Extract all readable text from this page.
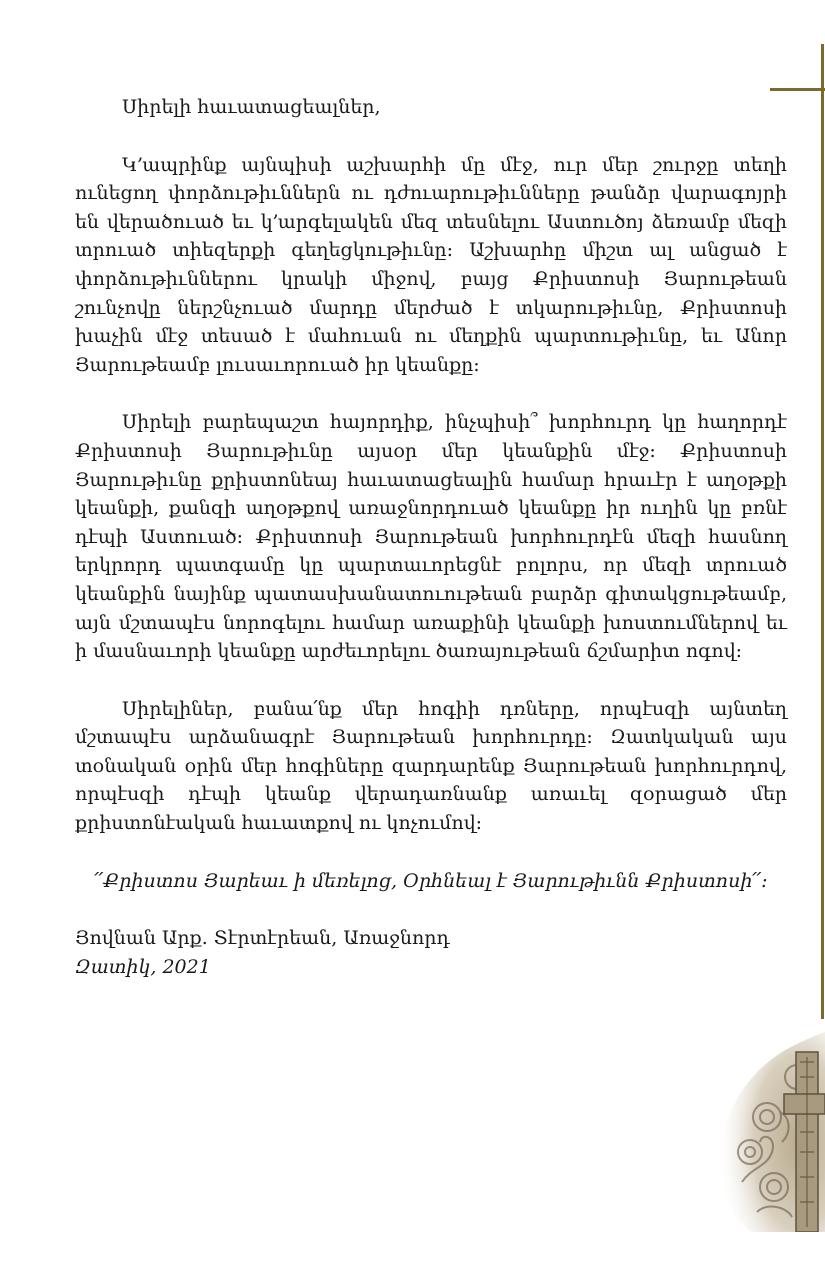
Սիրելի հաւատացեալներ,

Կ՚ապրինք այնպիսի աշխարհի մը մէջ, ուր մեր շուրջը տեղի ունեցող փորձութիւններն ու դժուարութիւնները թանձր վարագոյրի են վերածուած եւ կ՚արգելակեն մեզ տեսնելու Աստուծոյ ձեռամբ մեզի տրուած տիեզերքի գեղեցկութիւնը։ Աշխարհը միշտ ալ անցած է փորձութիւններու կրակի միջով, բայց Քրիստոսի Յարութեան շունչովը ներշնչուած մարդը մերժած է տկարութիւնը, Քրիստոսի խաչին մէջ տեսած է մահուան ու մեղքին պարտութիւնը, եւ Անոր Յարութեամբ լուսաւորուած իր կեանքը։

Սիրելի բարեպաշտ հայորդիք, ինչպիսի՞ խորհուրդ կը հաղորդէ Քրիստոսի Յարութիւնը այսօր մեր կեանքին մէջ։ Քրիստոսի Յարութիւնը քրիստոնեայ հաւատացեալին համար հրաւէր է աղօթքի կեանքի, քանզի աղօթքով առաջնորդուած կեանքը իր ուղին կը բռնէ դէպի Աստուած։ Քրիստոսի Յարութեան խորհուրդէն մեզի հասնող երկրորդ պատգամը կը պարտաւորեցնէ բոլորս, որ մեզի տրուած կեանքին նայինք պատասխանատուութեան բարձր գիտակցութեամբ, այն մշտապէս նորոգելու համար առաքինի կեանքի խոստումներով եւ ի մասնաւորի կեանքը արժեւորելու ծառայութեան ճշմարիտ ոգով։

Սիրելիներ, բանա՛նք մեր հոգիի դռները, որպէսզի այնտեղ մշտապէս արձանագրէ Յարութեան խորհուրդը։ Զատկական այս տօնական օրին մեր հոգիները զարդարենք Յարութեան խորհուրդով, որպէսզի դէպի կեանք վերադառնանք առաւել զօրացած մեր քրիստոնէական հաւատքով ու կոչումով։

՛՛Քրիստոս Յարեաւ ի մեռելոց, Օրհնեալ է Յարութիւնն Քրիստոսի՛՛։

Յովնան Արք. Տէրտէրեան, Առաջնորդ

Զատիկ, 2021
